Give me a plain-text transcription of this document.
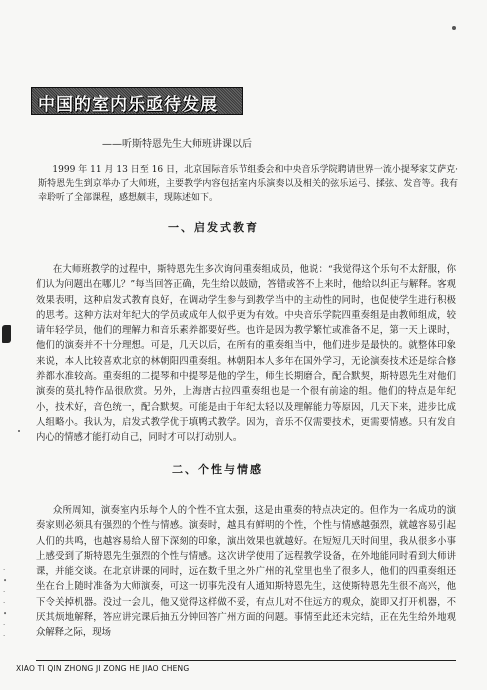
中国的室内乐亟待发展
——听斯特恩先生大师班讲课以后
1999 年 11 月 13 日至 16 日，北京国际音乐节组委会和中央音乐学院聘请世界一流小提琴家艾萨克·斯特恩先生到京举办了大师班，主要教学内容包括室内乐演奏以及相关的弦乐运弓、揉弦、发音等。我有幸聆听了全部课程，感想颇丰，现陈述如下。
一、启发式教育
在大师班教学的过程中，斯特恩先生多次询问重奏组成员，他说：“我觉得这个乐句不太舒服，你们认为问题出在哪儿？”每当回答正确，先生给以鼓励，答错或答不上来时，他给以纠正与解释。客观效果表明，这种启发式教育良好，在调动学生参与到教学当中的主动性的同时，也促使学生进行积极的思考。这种方法对年纪大的学员或成年人似乎更为有效。中央音乐学院四重奏组是由教师组成，较请年轻学员，他们的理解力和音乐素养都要好些。也许是因为教学繁忙或准备不足，第一天上课时，他们的演奏并不十分理想。可是，几天以后，在所有的重奏组当中，他们进步是最快的。就整体印象来说，本人比较喜欢北京的林朝阳四重奏组。林朝阳本人多年在国外学习，无论演奏技术还是综合修养都水准较高。重奏组的二提琴和中提琴是他的学生，师生长期磨合，配合默契，斯特恩先生对他们演奏的莫扎特作品很欣赏。另外，上海唐古拉四重奏组也是一个很有前途的组。他们的特点是年纪小，技术好，音色统一，配合默契。可能是由于年纪太轻以及理解能力等原因，几天下来，进步比成人组略小。我认为，启发式教学优于填鸭式教学。因为，音乐不仅需要技术，更需要情感。只有发自内心的情感才能打动自己，同时才可以打动别人。
二、个性与情感
众所周知，演奏室内乐每个人的个性不宜太强，这是由重奏的特点决定的。但作为一名成功的演奏家则必须具有强烈的个性与情感。演奏时，越具有鲜明的个性，个性与情感越强烈，就越容易引起人们的共鸣，也越容易给人留下深刻的印象，演出效果也就越好。在短短几天时间里，我从很多小事上感受到了斯特恩先生强烈的个性与情感。这次讲学使用了远程教学设备，在外地能同时看到大师讲课，并能交谈。在北京讲课的同时，远在数千里之外广州的礼堂里也坐了很多人，他们的四重奏组还坐在台上随时准备为大师演奏，可这一切事先没有人通知斯特恩先生，这使斯特恩先生很不高兴，他下令关掉机器。没过一会儿，他又觉得这样做不妥，有点儿对不住远方的观众，旋即又打开机器，不厌其烦地解释，答应讲完课后抽五分钟回答广州方面的问题。事情至此还未完结，正在先生给外地观众解释之际，现场
·
•
·
·
•
·
·
XIAO TI QIN ZHONG JI ZONG HE JIAO CHENG
